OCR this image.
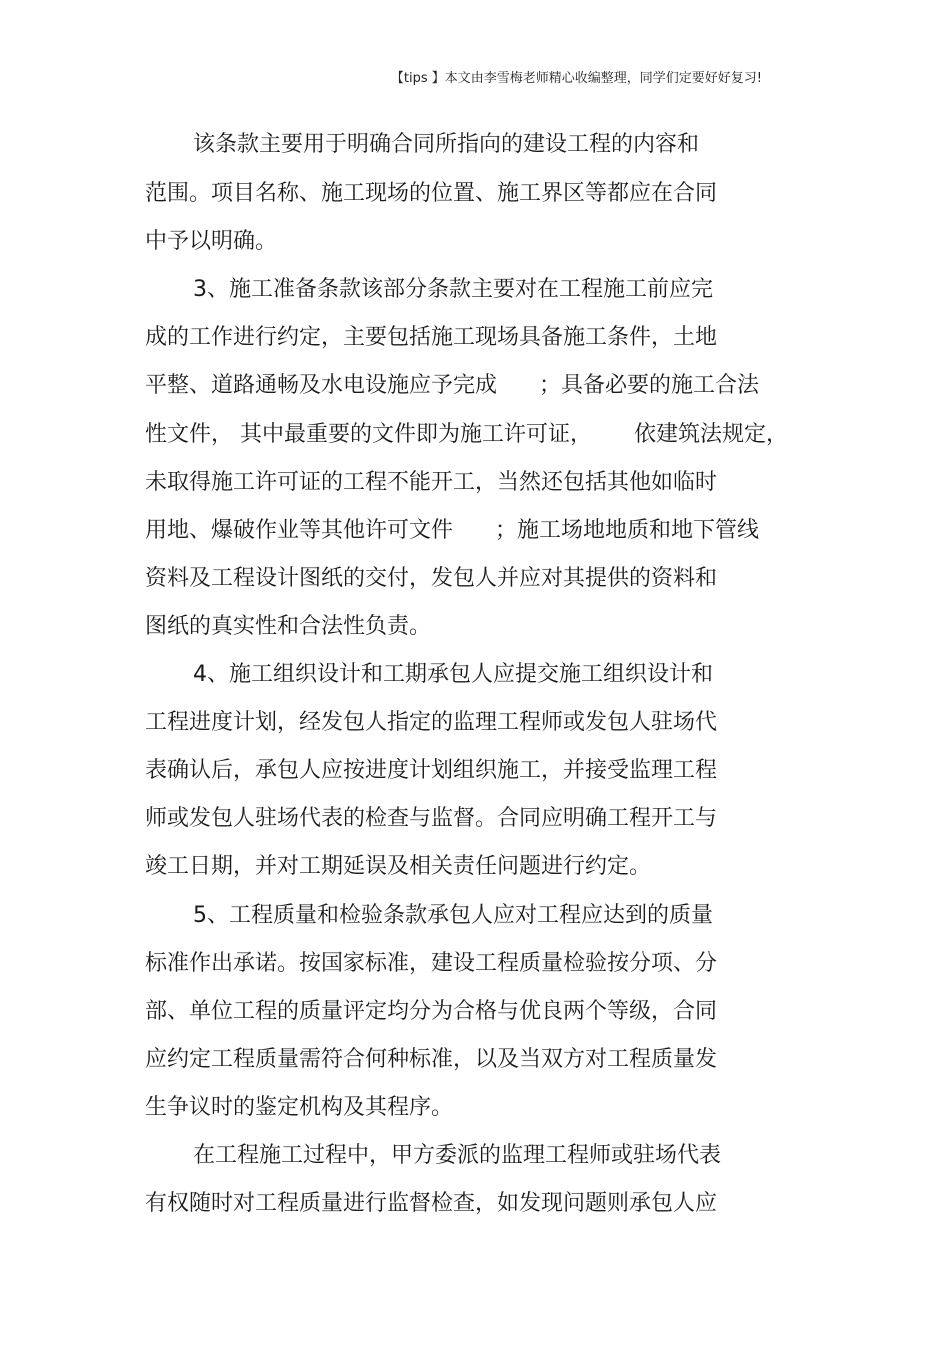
【tips 】本文由李雪梅老师精心收编整理，同学们定要好好复习!
该条款主要用于明确合同所指向的建设工程的内容和
范围。项目名称、施工现场的位置、施工界区等都应在合同
中予以明确。
3、施工准备条款该部分条款主要对在工程施工前应完
成的工作进行约定，主要包括施工现场具备施工条件，土地
平整、道路通畅及水电设施应予完成      ；具备必要的施工合法
性文件， 其中最重要的文件即为施工许可证，      依建筑法规定，
未取得施工许可证的工程不能开工，当然还包括其他如临时
用地、爆破作业等其他许可文件      ；施工场地地质和地下管线
资料及工程设计图纸的交付，发包人并应对其提供的资料和
图纸的真实性和合法性负责。
4、施工组织设计和工期承包人应提交施工组织设计和
工程进度计划，经发包人指定的监理工程师或发包人驻场代
表确认后，承包人应按进度计划组织施工，并接受监理工程
师或发包人驻场代表的检查与监督。合同应明确工程开工与
竣工日期，并对工期延误及相关责任问题进行约定。
5、工程质量和检验条款承包人应对工程应达到的质量
标准作出承诺。按国家标准，建设工程质量检验按分项、分
部、单位工程的质量评定均分为合格与优良两个等级，合同
应约定工程质量需符合何种标准，以及当双方对工程质量发
生争议时的鉴定机构及其程序。
在工程施工过程中，甲方委派的监理工程师或驻场代表
有权随时对工程质量进行监督检查，如发现问题则承包人应
